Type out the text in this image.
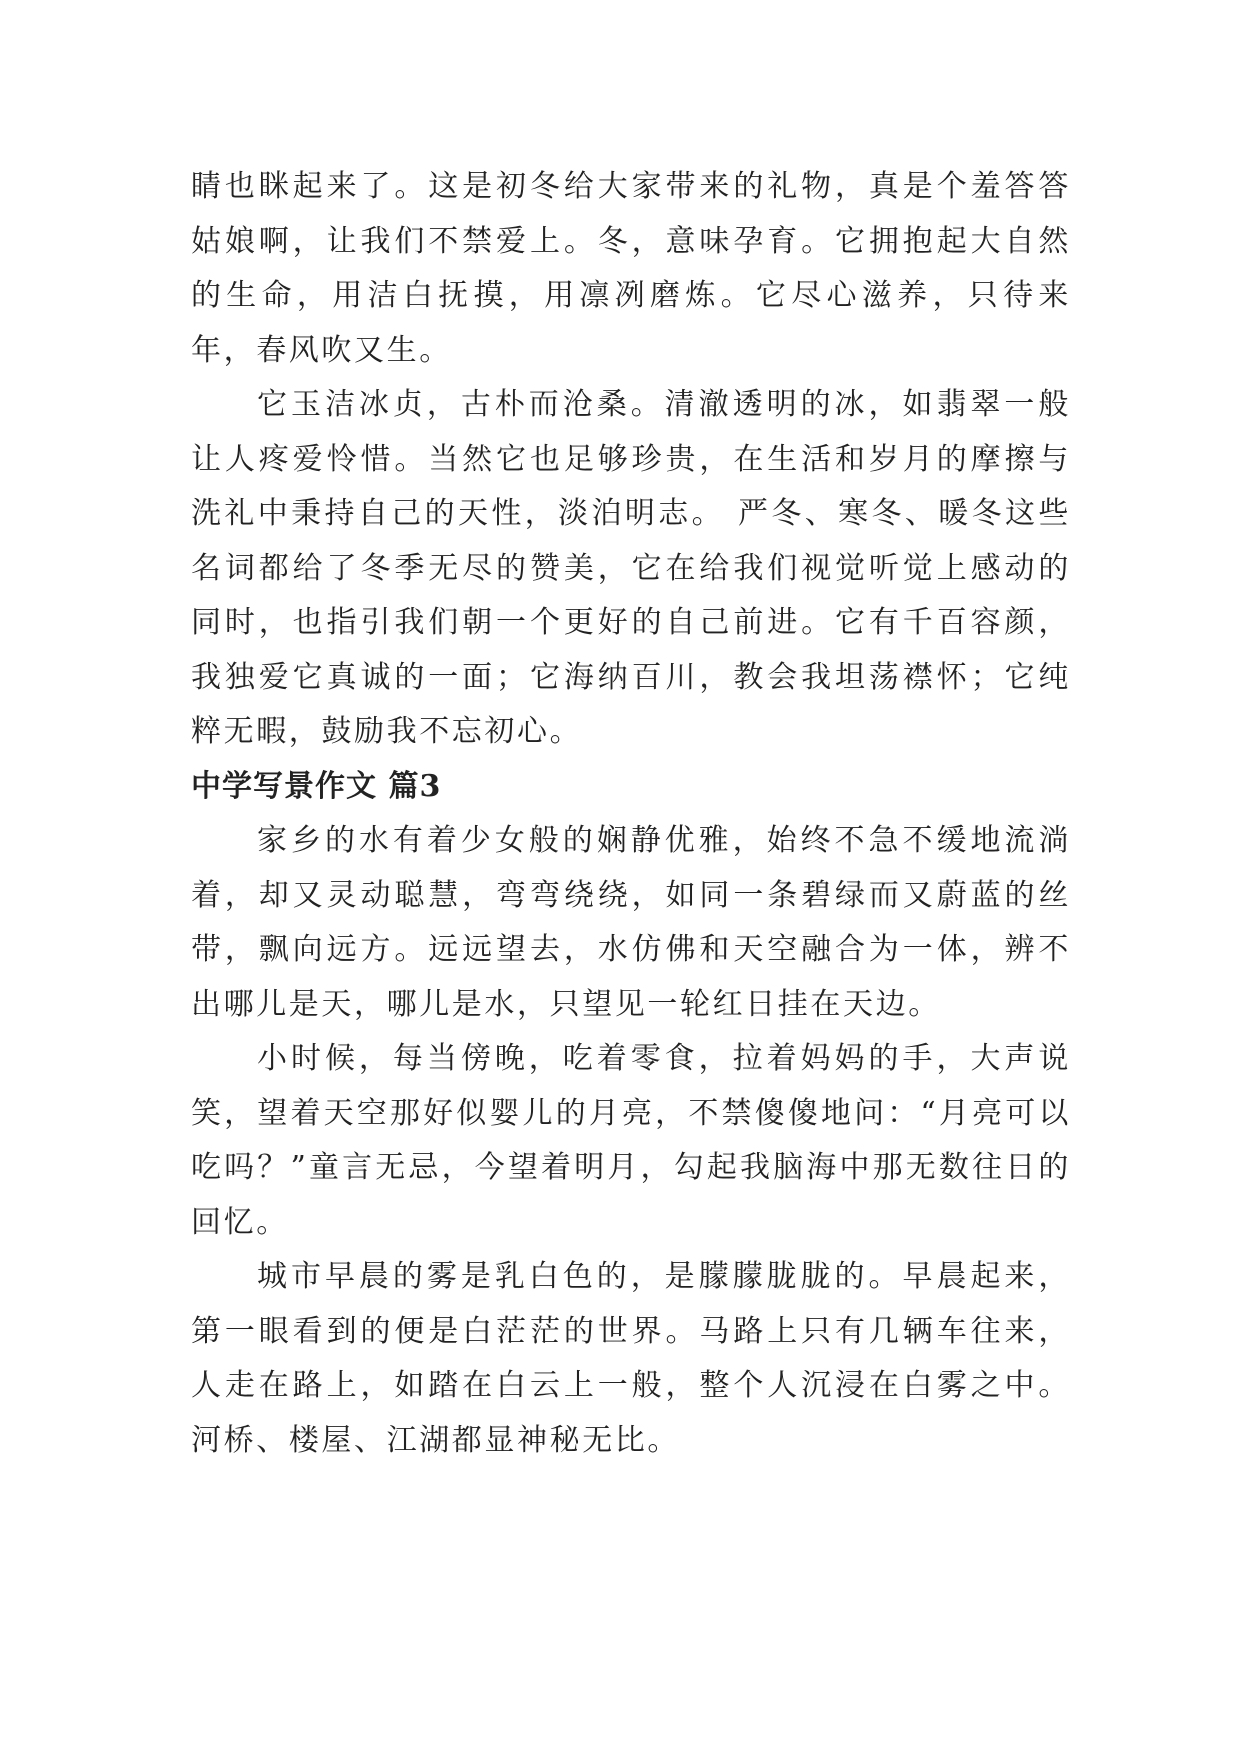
睛也眯起来了。这是初冬给大家带来的礼物，真是个羞答答姑娘啊，让我们不禁爱上。冬，意味孕育。它拥抱起大自然的生命，用洁白抚摸，用凛冽磨炼。它尽心滋养，只待来年，春风吹又生。

它玉洁冰贞，古朴而沧桑。清澈透明的冰，如翡翠一般让人疼爱怜惜。当然它也足够珍贵，在生活和岁月的摩擦与洗礼中秉持自己的天性，淡泊明志。 严冬、寒冬、暖冬这些名词都给了冬季无尽的赞美，它在给我们视觉听觉上感动的同时，也指引我们朝一个更好的自己前进。它有千百容颜，我独爱它真诚的一面；它海纳百川，教会我坦荡襟怀；它纯粹无暇，鼓励我不忘初心。

中学写景作文 篇3

家乡的水有着少女般的娴静优雅，始终不急不缓地流淌着，却又灵动聪慧，弯弯绕绕，如同一条碧绿而又蔚蓝的丝带，飘向远方。远远望去，水仿佛和天空融合为一体，辨不出哪儿是天，哪儿是水，只望见一轮红日挂在天边。

小时候，每当傍晚，吃着零食，拉着妈妈的手，大声说笑，望着天空那好似婴儿的月亮，不禁傻傻地问：“月亮可以吃吗？”童言无忌，今望着明月，勾起我脑海中那无数往日的回忆。

城市早晨的雾是乳白色的，是朦朦胧胧的。早晨起来，第一眼看到的便是白茫茫的世界。马路上只有几辆车往来，人走在路上，如踏在白云上一般，整个人沉浸在白雾之中。河桥、楼屋、江湖都显神秘无比。
